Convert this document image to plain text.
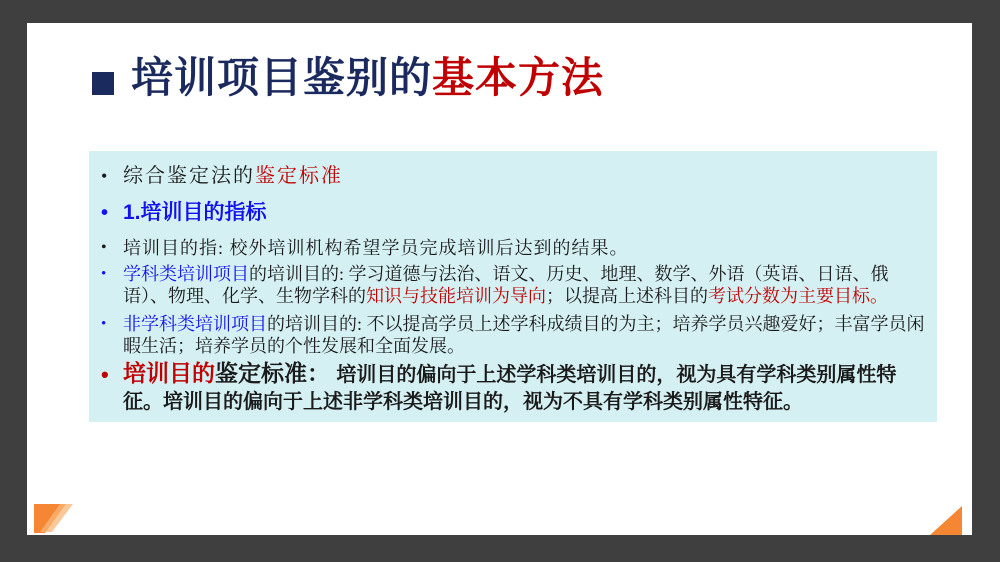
培训项目鉴别的基本方法
• 综合鉴定法的鉴定标准
• 1.培训目的指标
• 培训目的指: 校外培训机构希望学员完成培训后达到的结果。
• 学科类培训项目的培训目的: 学习道德与法治、语文、历史、地理、数学、外语（英语、日语、俄语）、物理、化学、生物学科的知识与技能培训为导向；以提高上述科目的考试分数为主要目标。
• 非学科类培训项目的培训目的: 不以提高学员上述学科成绩目的为主；培养学员兴趣爱好；丰富学员闲暇生活；培养学员的个性发展和全面发展。
• 培训目的鉴定标准： 培训目的偏向于上述学科类培训目的，视为具有学科类别属性特征。培训目的偏向于上述非学科类培训目的，视为不具有学科类别属性特征。
